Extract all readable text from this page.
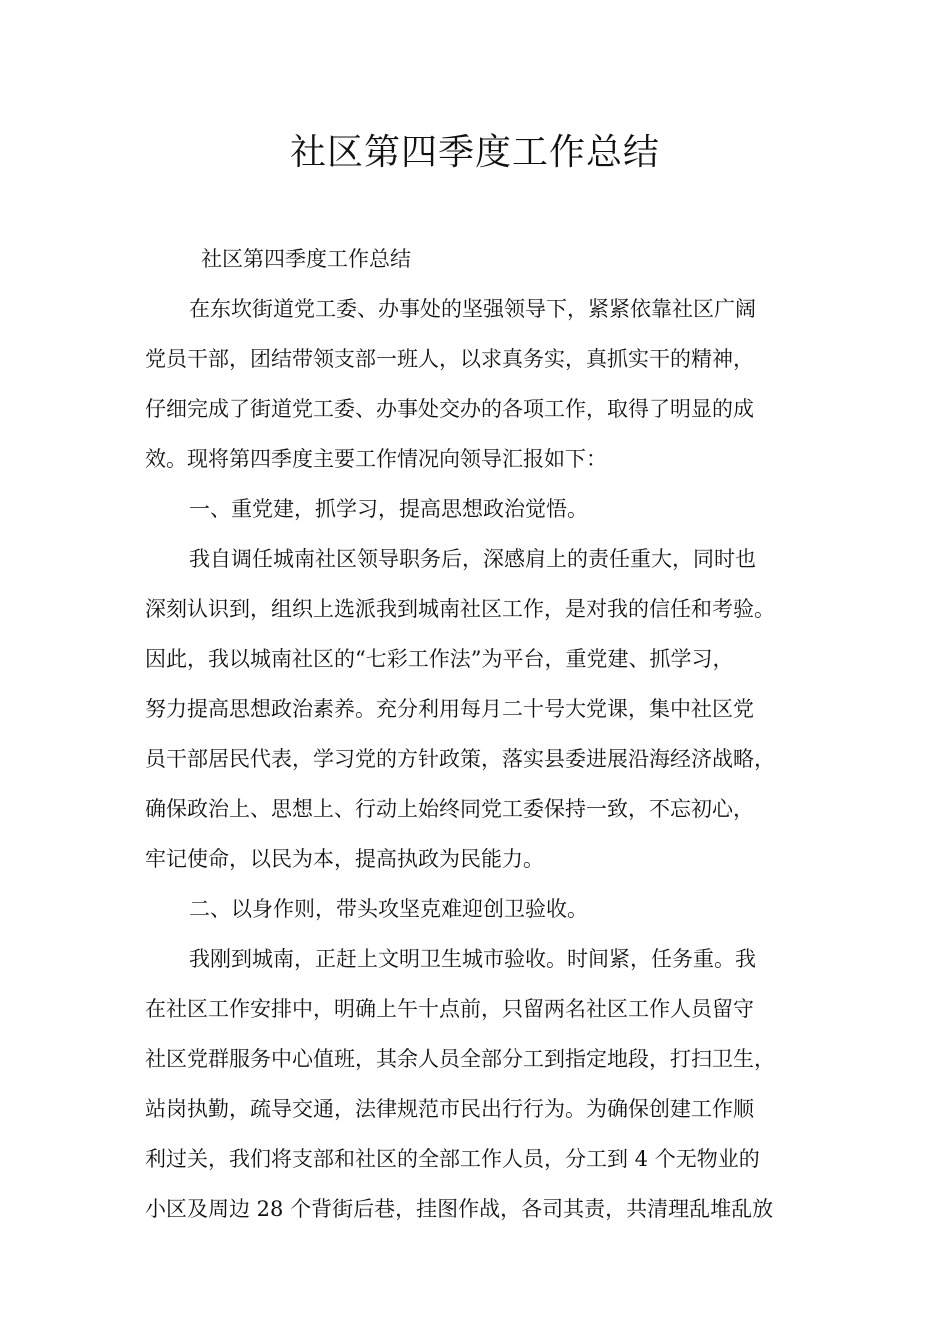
社区第四季度工作总结
社区第四季度工作总结
在东坎街道党工委、办事处的坚强领导下，紧紧依靠社区广阔
党员干部，团结带领支部一班人，以求真务实，真抓实干的精神，
仔细完成了街道党工委、办事处交办的各项工作，取得了明显的成
效。现将第四季度主要工作情况向领导汇报如下：
一、重党建，抓学习，提高思想政治觉悟。
我自调任城南社区领导职务后，深感肩上的责任重大，同时也
深刻认识到，组织上选派我到城南社区工作，是对我的信任和考验。
因此，我以城南社区的“七彩工作法”为平台，重党建、抓学习，
努力提高思想政治素养。充分利用每月二十号大党课，集中社区党
员干部居民代表，学习党的方针政策，落实县委进展沿海经济战略，
确保政治上、思想上、行动上始终同党工委保持一致，不忘初心，
牢记使命，以民为本，提高执政为民能力。
二、以身作则，带头攻坚克难迎创卫验收。
我刚到城南，正赶上文明卫生城市验收。时间紧，任务重。我
在社区工作安排中，明确上午十点前，只留两名社区工作人员留守
社区党群服务中心值班，其余人员全部分工到指定地段，打扫卫生，
站岗执勤，疏导交通，法律规范市民出行行为。为确保创建工作顺
利过关，我们将支部和社区的全部工作人员，分工到 4 个无物业的
小区及周边 28 个背街后巷，挂图作战，各司其责，共清理乱堆乱放
